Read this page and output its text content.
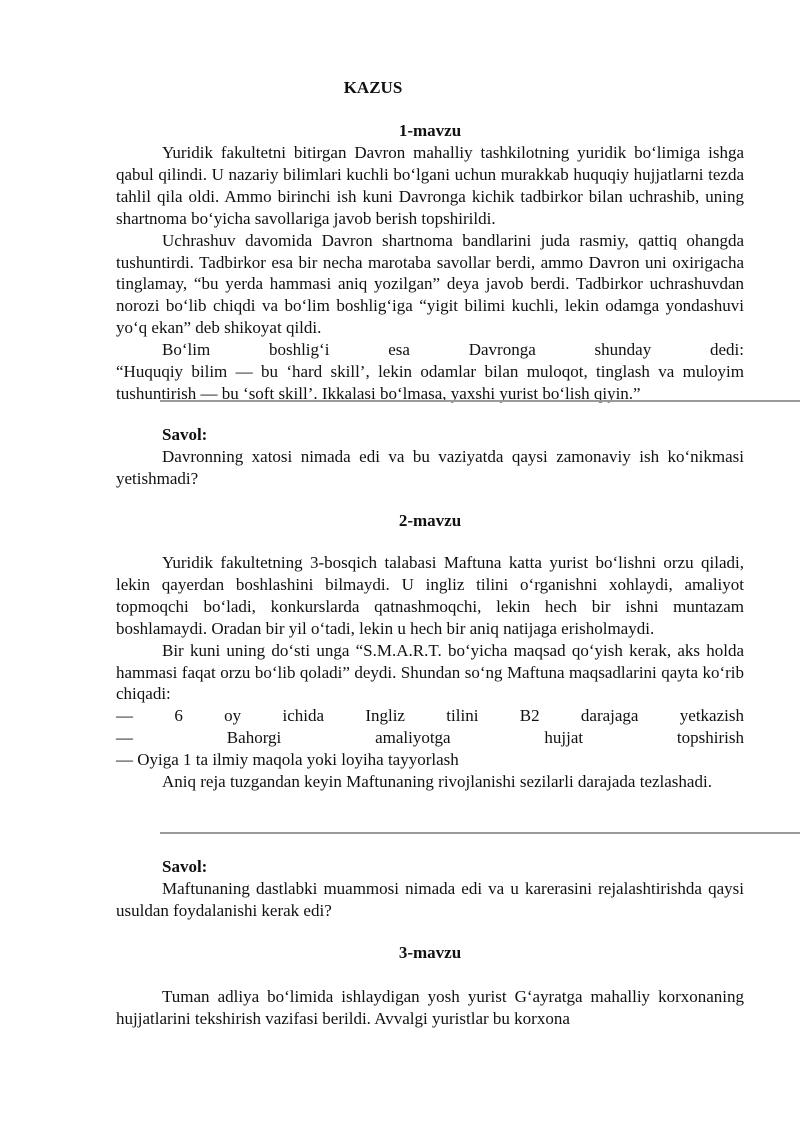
KAZUS
1-mavzu

Yuridik fakultetni bitirgan Davron mahalliy tashkilotning yuridik bo‘limiga ishga qabul qilindi. U nazariy bilimlari kuchli bo‘lgani uchun murakkab huquqiy hujjatlarni tezda tahlil qila oldi. Ammo birinchi ish kuni Davronga kichik tadbirkor bilan uchrashib, uning shartnoma bo‘yicha savollariga javob berish topshirildi.

Uchrashuv davomida Davron shartnoma bandlarini juda rasmiy, qattiq ohangda tushuntirdi. Tadbirkor esa bir necha marotaba savollar berdi, ammo Davron uni oxirigacha tinglamay, “bu yerda hammasi aniq yozilgan” deya javob berdi. Tadbirkor uchrashuvdan norozi bo‘lib chiqdi va bo‘lim boshlig‘iga “yigit bilimi kuchli, lekin odamga yondashuvi yo‘q ekan” deb shikoyat qildi.

Bo‘lim boshlig‘i esa Davronga shunday dedi:

“Huquqiy bilim — bu ‘hard skill’, lekin odamlar bilan muloqot, tinglash va muloyim tushuntirish — bu ‘soft skill’. Ikkalasi bo‘lmasa, yaxshi yurist bo‘lish qiyin.”

Savol:

Davronning xatosi nimada edi va bu vaziyatda qaysi zamonaviy ish ko‘nikmasi yetishmadi?

2-mavzu

Yuridik fakultetning 3-bosqich talabasi Maftuna katta yurist bo‘lishni orzu qiladi, lekin qayerdan boshlashini bilmaydi. U ingliz tilini o‘rganishni xohlaydi, amaliyot topmoqchi bo‘ladi, konkurslarda qatnashmoqchi, lekin hech bir ishni muntazam boshlamaydi. Oradan bir yil o‘tadi, lekin u hech bir aniq natijaga erisholmaydi.

Bir kuni uning do‘sti unga “S.M.A.R.T. bo‘yicha maqsad qo‘yish kerak, aks holda hammasi faqat orzu bo‘lib qoladi” deydi. Shundan so‘ng Maftuna maqsadlarini qayta ko‘rib chiqadi:

— 6 oy ichida Ingliz tilini B2 darajaga yetkazish

— Bahorgi amaliyotga hujjat topshirish

— Oyiga 1 ta ilmiy maqola yoki loyiha tayyorlash

Aniq reja tuzgandan keyin Maftunaning rivojlanishi sezilarli darajada tezlashadi.

Savol:

Maftunaning dastlabki muammosi nimada edi va u karerasini rejalashtirishda qaysi usuldan foydalanishi kerak edi?

3-mavzu

Tuman adliya bo‘limida ishlaydigan yosh yurist G‘ayratga mahalliy korxonaning hujjatlarini tekshirish vazifasi berildi. Avvalgi yuristlar bu korxona
